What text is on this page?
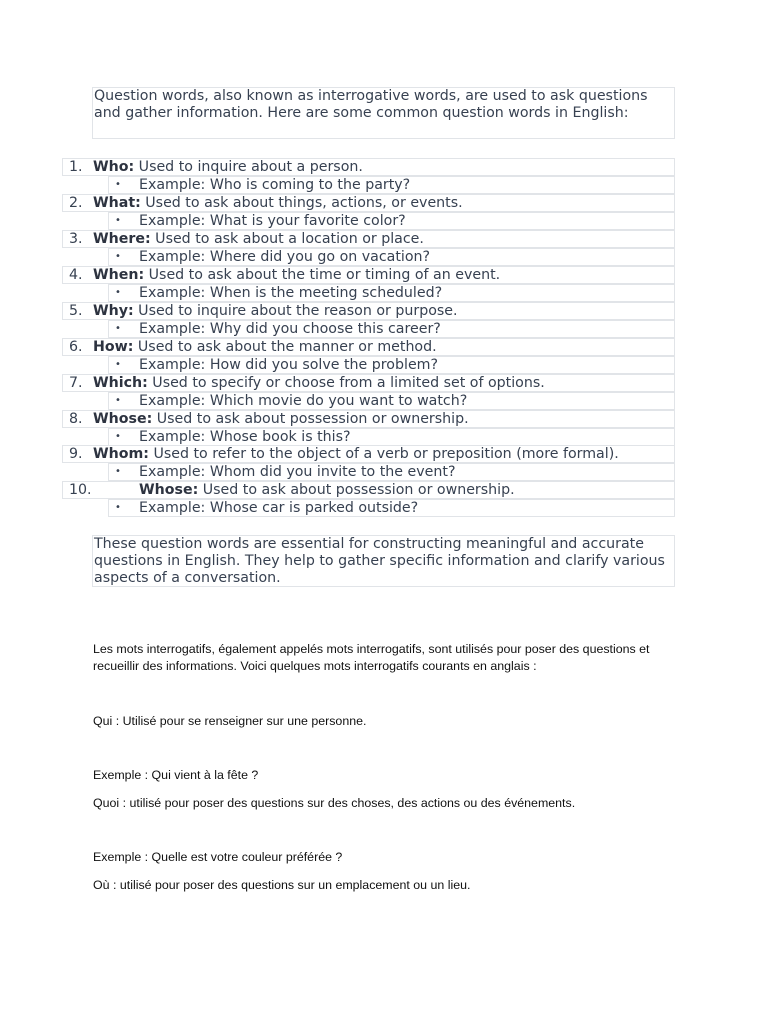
Question words, also known as interrogative words, are used to ask questions and gather information. Here are some common question words in English:
1. Who: Used to inquire about a person.
• Example: Who is coming to the party?
2. What: Used to ask about things, actions, or events.
• Example: What is your favorite color?
3. Where: Used to ask about a location or place.
• Example: Where did you go on vacation?
4. When: Used to ask about the time or timing of an event.
• Example: When is the meeting scheduled?
5. Why: Used to inquire about the reason or purpose.
• Example: Why did you choose this career?
6. How: Used to ask about the manner or method.
• Example: How did you solve the problem?
7. Which: Used to specify or choose from a limited set of options.
• Example: Which movie do you want to watch?
8. Whose: Used to ask about possession or ownership.
• Example: Whose book is this?
9. Whom: Used to refer to the object of a verb or preposition (more formal).
• Example: Whom did you invite to the event?
10.	Whose: Used to ask about possession or ownership.
• Example: Whose car is parked outside?
These question words are essential for constructing meaningful and accurate questions in English. They help to gather specific information and clarify various aspects of a conversation.
Les mots interrogatifs, également appelés mots interrogatifs, sont utilisés pour poser des questions et recueillir des informations. Voici quelques mots interrogatifs courants en anglais :
Qui : Utilisé pour se renseigner sur une personne.
Exemple : Qui vient à la fête ?
Quoi : utilisé pour poser des questions sur des choses, des actions ou des événements.
Exemple : Quelle est votre couleur préférée ?
Où : utilisé pour poser des questions sur un emplacement ou un lieu.
